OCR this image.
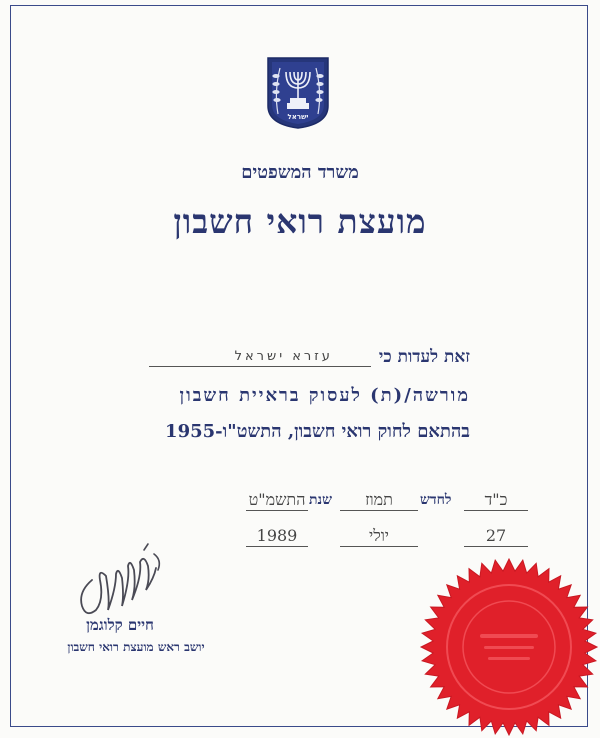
ישראל
משרד המשפטים
מועצת רואי חשבון
זאת לעדות כי
עזרא ישראל
מורשה/(ת) לעסוק בראיית חשבון
בהתאם לחוק רואי חשבון, התשט"ו-1955
כ"ד
לחדש
תמוז
שנת
התשמ"ט
27
יולי
1989
חיים קלוגמן
יושב ראש מועצת רואי חשבון
